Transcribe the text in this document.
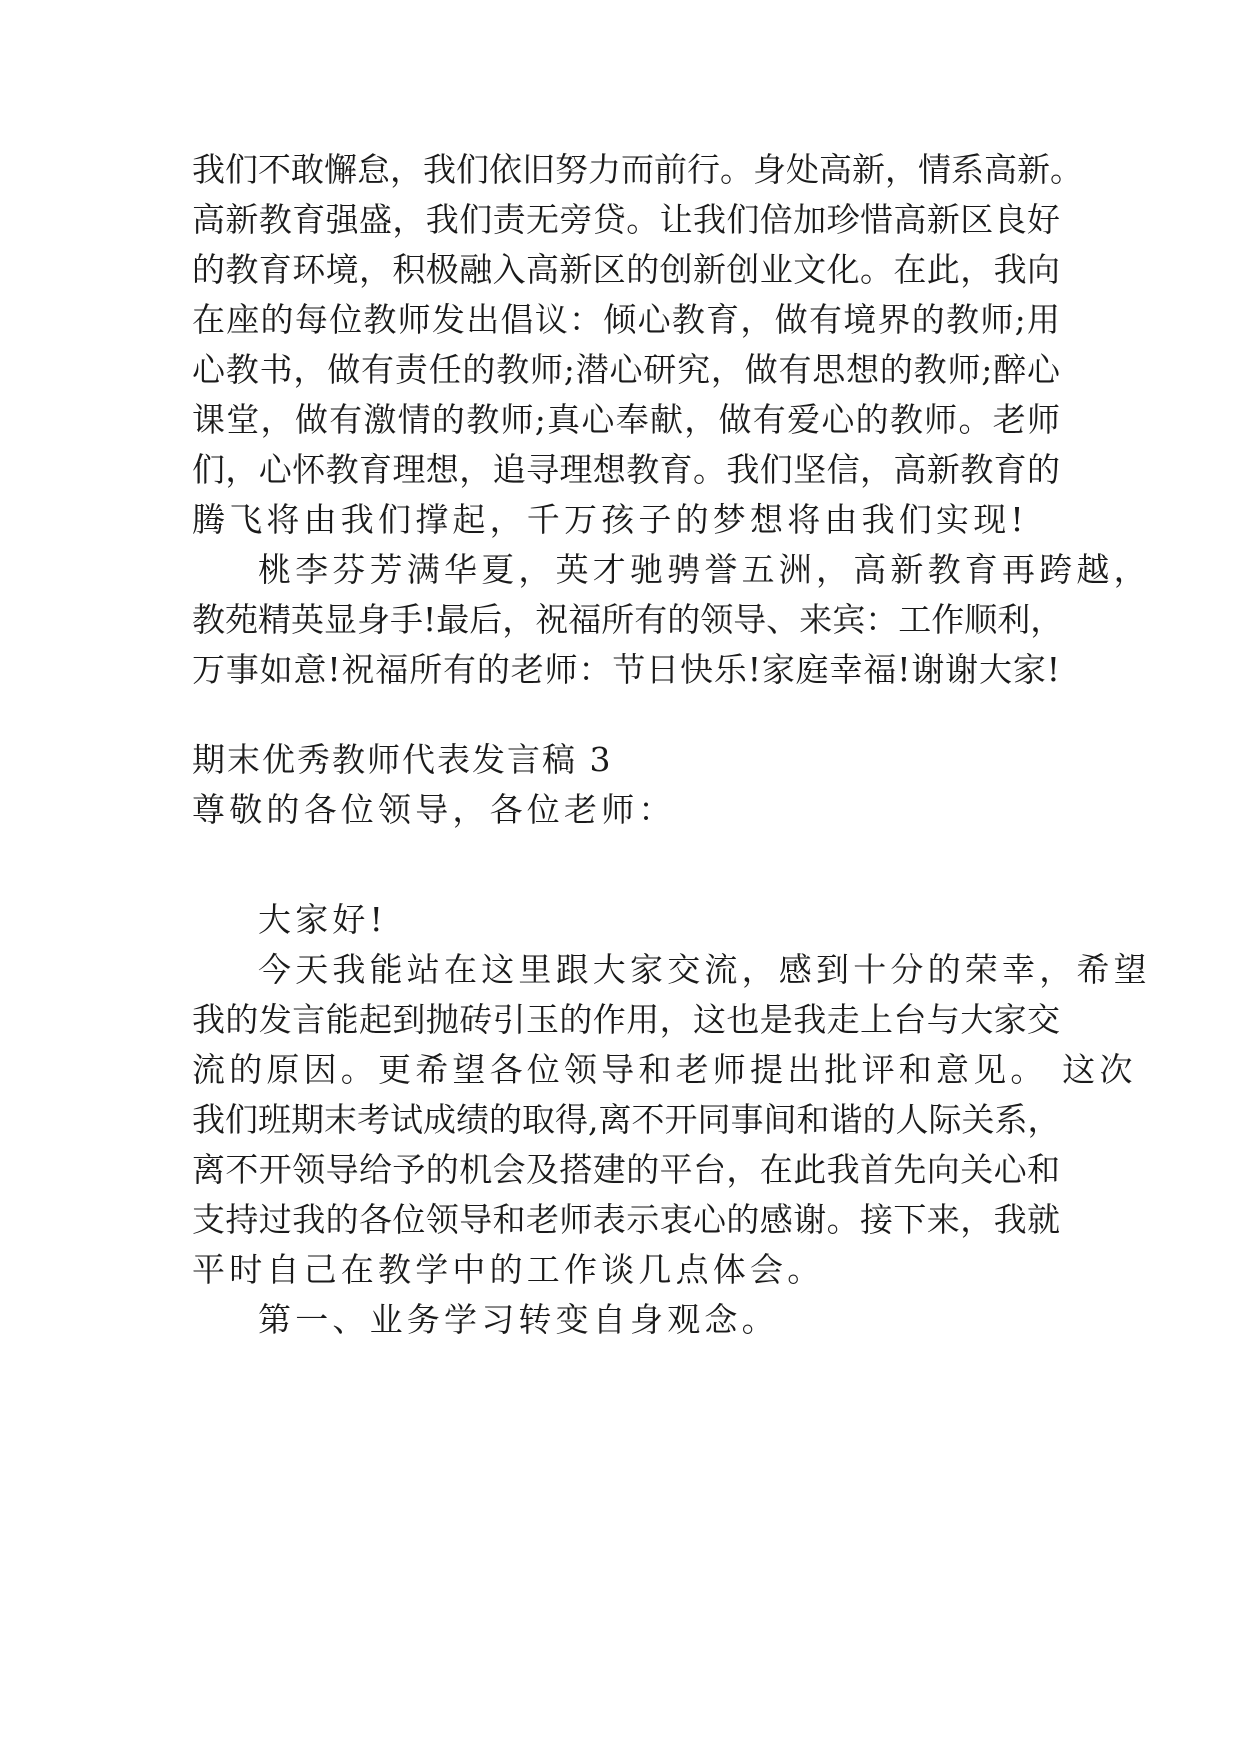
我们不敢懈怠，我们依旧努力而前行。身处高新，情系高新。
高新教育强盛，我们责无旁贷。让我们倍加珍惜高新区良好
的教育环境，积极融入高新区的创新创业文化。在此，我向
在座的每位教师发出倡议：倾心教育，做有境界的教师;用
心教书，做有责任的教师;潜心研究，做有思想的教师;醉心
课堂，做有激情的教师;真心奉献，做有爱心的教师。老师
们，心怀教育理想，追寻理想教育。我们坚信，高新教育的
腾飞将由我们撑起，千万孩子的梦想将由我们实现!
桃李芬芳满华夏，英才驰骋誉五洲，高新教育再跨越，
教苑精英显身手!最后，祝福所有的领导、来宾：工作顺利，
万事如意!祝福所有的老师：节日快乐!家庭幸福!谢谢大家!
期末优秀教师代表发言稿 3
尊敬的各位领导，各位老师：
大家好!
今天我能站在这里跟大家交流，感到十分的荣幸，希望
我的发言能起到抛砖引玉的作用，这也是我走上台与大家交
流的原因。更希望各位领导和老师提出批评和意见。 这次
我们班期末考试成绩的取得,离不开同事间和谐的人际关系，
离不开领导给予的机会及搭建的平台，在此我首先向关心和
支持过我的各位领导和老师表示衷心的感谢。接下来，我就
平时自己在教学中的工作谈几点体会。
第一、业务学习转变自身观念。
